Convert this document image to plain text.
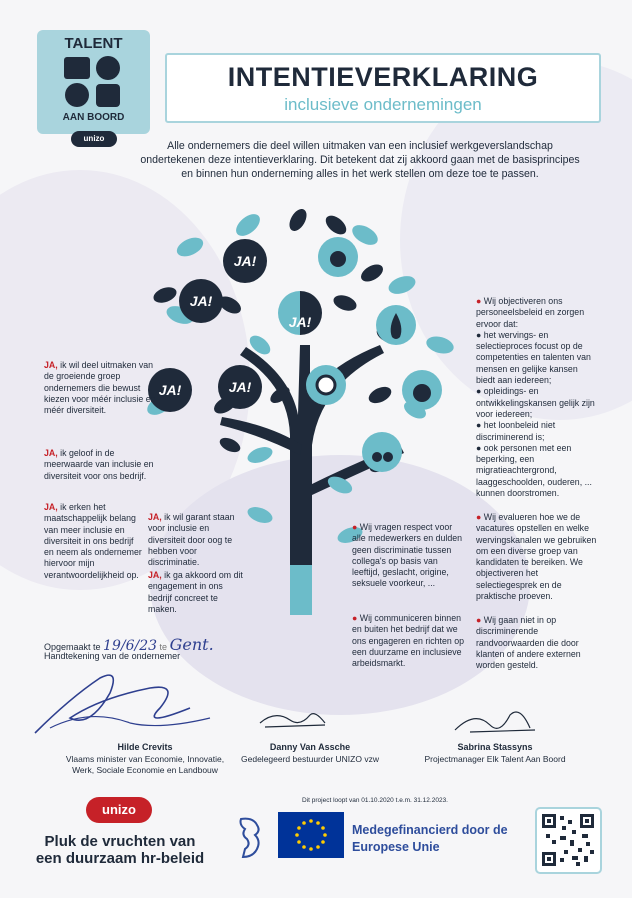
TALENT
AAN BOORD
unizo
INTENTIEVERKLARING
inclusieve ondernemingen
Alle ondernemers die deel willen uitmaken van een inclusief werkgeverslandschap ondertekenen deze intentieverklaring. Dit betekent dat zij akkoord gaan met de basisprincipes en binnen hun onderneming alles in het werk stellen om deze toe te passen.
JA!
JA!
JA!
JA!	JA!
JA, ik wil deel uitmaken van de groeiende groep ondernemers die bewust kiezen voor méér inclusie en méér diversiteit.
JA, ik geloof in de meerwaarde van inclusie en diversiteit voor ons bedrijf.
JA, ik erken het maatschappelijk belang van meer inclusie en diversiteit in ons bedrijf en neem als ondernemer hiervoor mijn verantwoordelijkheid op.
JA, ik wil garant staan voor inclusie en diversiteit door oog te hebben voor discriminatie.
JA, ik ga akkoord om dit engagement in ons bedrijf concreet te maken.
● Wij vragen respect voor alle medewerkers en dulden geen discriminatie tussen collega's op basis van leeftijd, geslacht, origine, seksuele voorkeur, ...
● Wij communiceren binnen en buiten het bedrijf dat we ons engageren en richten op een duurzame en inclusieve arbeidsmarkt.
● Wij objectiveren ons personeelsbeleid en zorgen ervoor dat:
● het wervings- en selectieproces focust op de competenties en talenten van mensen en gelijke kansen biedt aan iedereen;
● opleidings- en ontwikkelingskansen gelijk zijn voor iedereen;
● het loonbeleid niet discriminerend is;
● ook personen met een beperking, een migratieachtergrond, laaggeschoolden, ouderen, ... kunnen doorstromen.
● Wij evalueren hoe we de vacatures opstellen en welke wervingskanalen we gebruiken om een diverse groep van kandidaten te bereiken. We objectiveren het selectiegesprek en de praktische proeven.
● Wij gaan niet in op discriminerende randvoorwaarden die door klanten of andere externen worden gesteld.
Opgemaakt te 19/6/23 te Gent.
Handtekening van de ondernemer
Hilde Crevits
Vlaams minister van Economie, Innovatie, Werk, Sociale Economie en Landbouw
Danny Van Assche
Gedelegeerd bestuurder UNIZO vzw
Sabrina Stassyns
Projectmanager Elk Talent Aan Boord
unizo
Pluk de vruchten van een duurzaam hr-beleid
Dit project loopt van 01.10.2020 t.e.m. 31.12.2023.
Medegefinancierd door de Europese Unie
